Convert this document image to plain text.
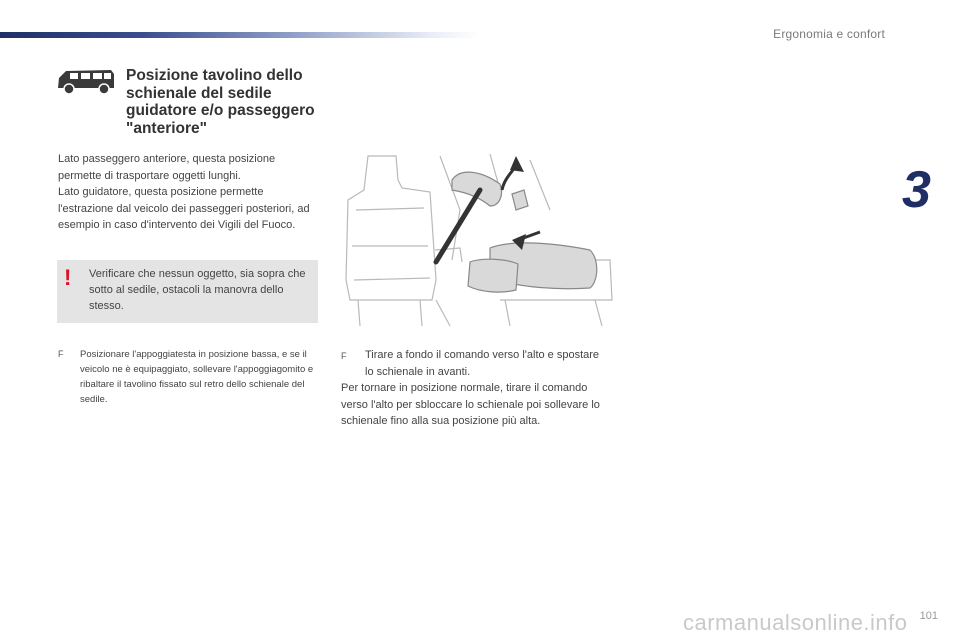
Ergonomia e confort
3
Posizione tavolino dello schienale del sedile guidatore e/o passeggero "anteriore"

Lato passeggero anteriore, questa posizione permette di trasportare oggetti lunghi.

Lato guidatore, questa posizione permette l'estrazione dal veicolo dei passeggeri posteriori, ad esempio in caso d'intervento dei Vigili del Fuoco.

! Verificare che nessun oggetto, sia sopra che sotto al sedile, ostacoli la manovra dello stesso.
F	Posizionare l'appoggiatesta in posizione bassa, e se il veicolo ne è equipaggiato, sollevare l'appoggiagomito e ribaltare il tavolino fissato sul retro dello schienale del sedile.
F	Tirare a fondo il comando verso l'alto e spostare lo schienale in avanti.

Per tornare in posizione normale, tirare il comando verso l'alto per sbloccare lo schienale poi sollevare lo schienale fino alla sua posizione più alta.

carmanualsonline.info 101
